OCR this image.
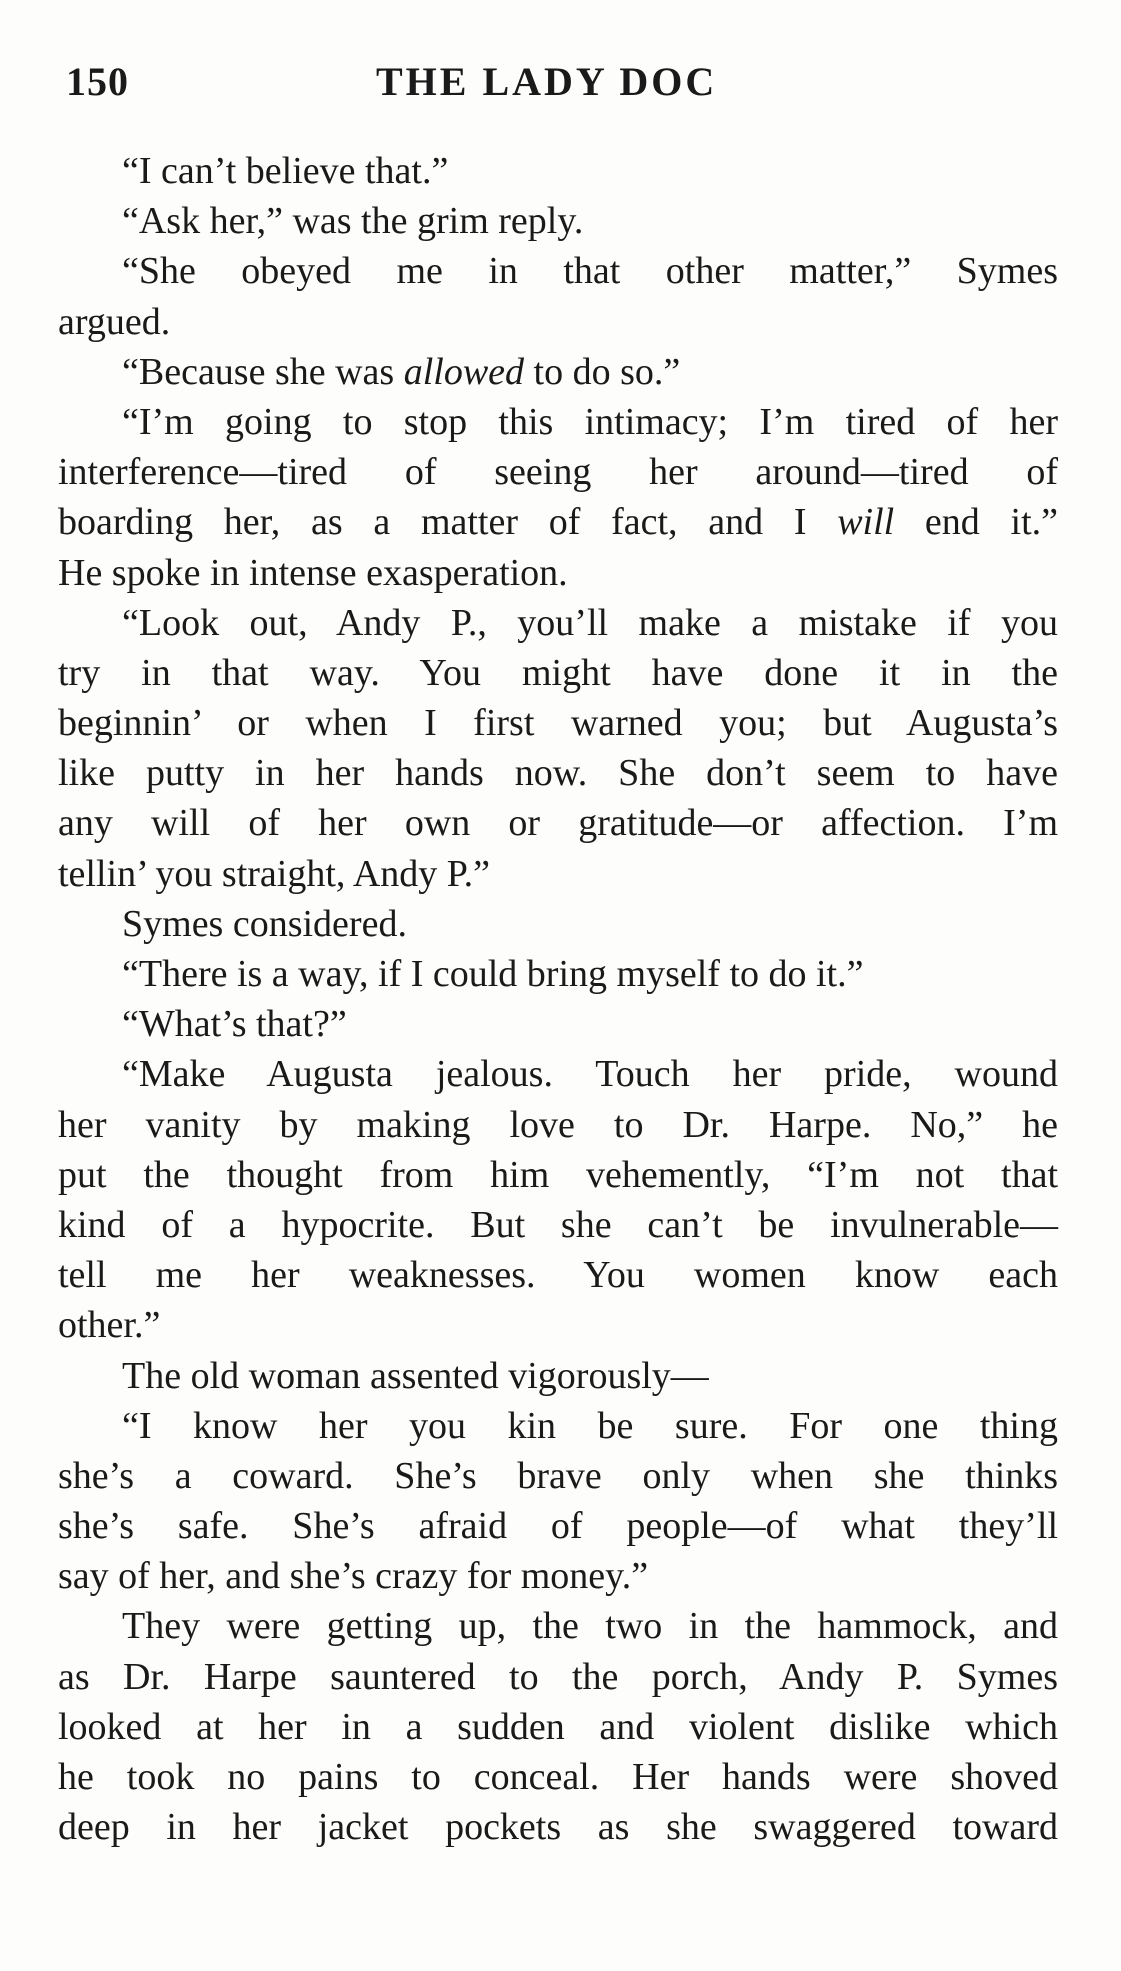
150	THE LADY DOC
“I can’t believe that.”
“Ask her,” was the grim reply.
“She obeyed me in that other matter,” Symes
argued.
“Because she was allowed to do so.”
“I’m going to stop this intimacy; I’m tired of her
interference—tired of seeing her around—tired of
boarding her, as a matter of fact, and I will end it.”
He spoke in intense exasperation.
“Look out, Andy P., you’ll make a mistake if you
try in that way. You might have done it in the
beginnin’ or when I first warned you; but Augusta’s
like putty in her hands now. She don’t seem to have
any will of her own or gratitude—or affection. I’m
tellin’ you straight, Andy P.”
Symes considered.
“There is a way, if I could bring myself to do it.”
“What’s that?”
“Make Augusta jealous. Touch her pride, wound
her vanity by making love to Dr. Harpe. No,” he
put the thought from him vehemently, “I’m not that
kind of a hypocrite. But she can’t be invulnerable—
tell me her weaknesses. You women know each
other.”
The old woman assented vigorously—
“I know her you kin be sure. For one thing
she’s a coward. She’s brave only when she thinks
she’s safe. She’s afraid of people—of what they’ll
say of her, and she’s crazy for money.”
They were getting up, the two in the hammock, and
as Dr. Harpe sauntered to the porch, Andy P. Symes
looked at her in a sudden and violent dislike which
he took no pains to conceal. Her hands were shoved
deep in her jacket pockets as she swaggered toward
